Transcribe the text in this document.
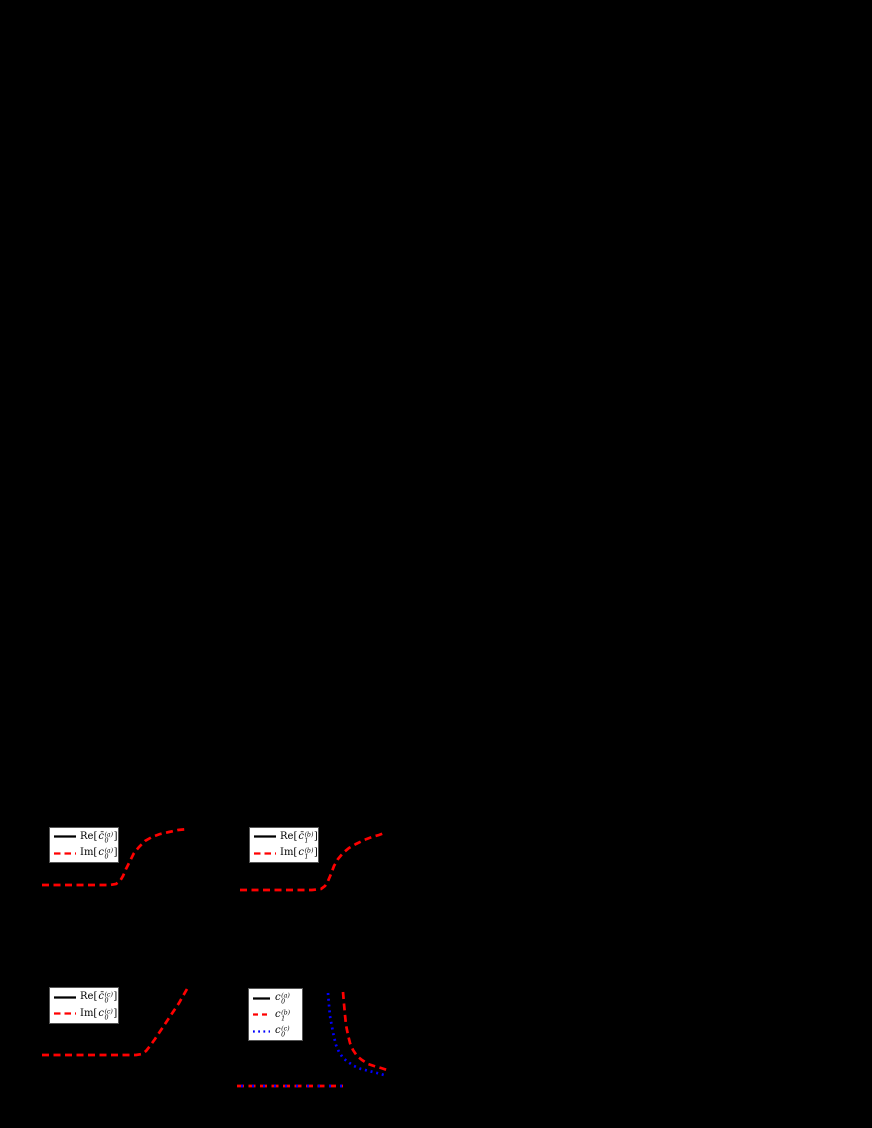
Re[ c̄ (a)
0 ]
Im[ c (a)
0 ]
Re[ c̄ (b)
1 ]
Im[ c (b)
1 ]
Re[ c̄ (c)
0 ]
Im[ c (c)
0 ]
c (a)
0
c (b)
1
c (c)
0
